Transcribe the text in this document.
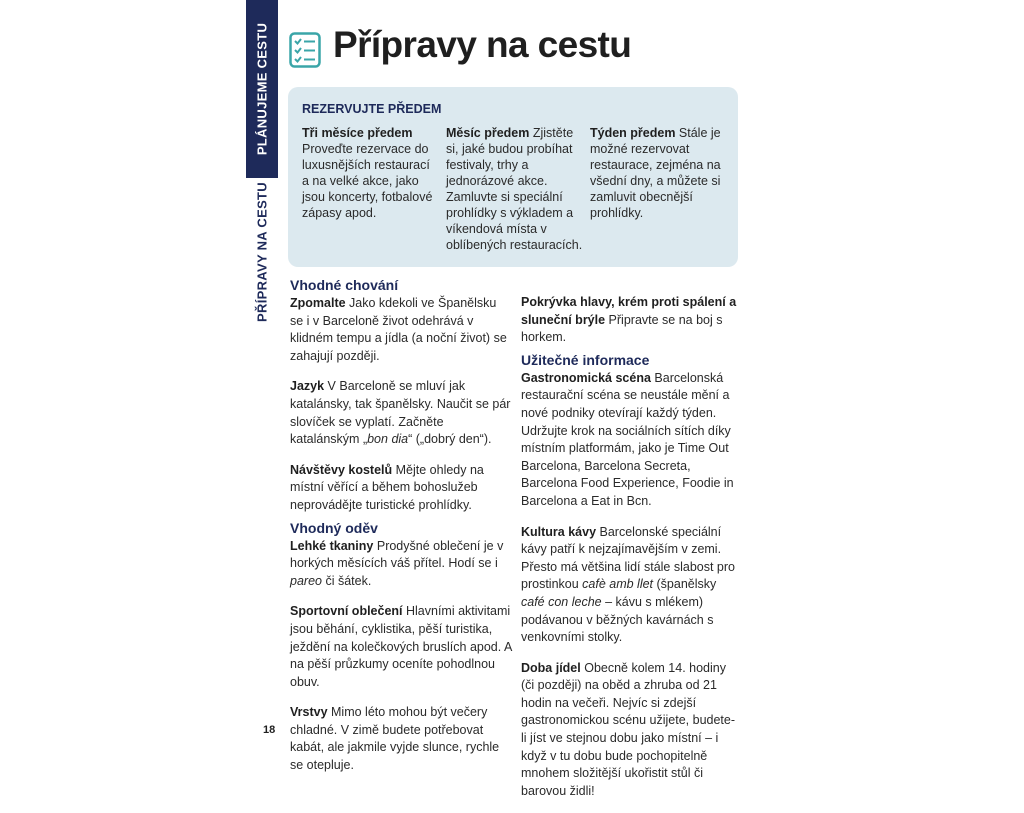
PLÁNUJEME CESTU
PŘÍPRAVY NA CESTU
18
Přípravy na cestu
REZERVUJTE PŘEDEM
Tři měsíce předem Proveďte rezervace do luxusnějších restaurací a na velké akce, jako jsou koncerty, fotbalové zápasy apod.
Měsíc předem Zjistěte si, jaké budou probíhat festivaly, trhy a jednorázové akce. Zamluvte si speciální prohlídky s výkladem a víkendová místa v oblíbených restauracích.
Týden předem Stále je možné rezervovat restaurace, zejména na všední dny, a můžete si zamluvit obecnější prohlídky.
Vhodné chování

Zpomalte Jako kdekoli ve Španělsku se i v Barceloně život odehrává v klidném tempu a jídla (a noční život) se zahajují později.

Jazyk V Barceloně se mluví jak katalánsky, tak španělsky. Naučit se pár slovíček se vyplatí. Začněte katalánským „bon dia“ („dobrý den“).

Návštěvy kostelů Mějte ohledy na místní věřící a během bohoslužeb neprovádějte turistické prohlídky.

Vhodný oděv

Lehké tkaniny Prodyšné oblečení je v horkých měsících váš přítel. Hodí se i pareo či šátek.

Sportovní oblečení Hlavními aktivitami jsou běhání, cyklistika, pěší turistika, ježdění na kolečkových bruslích apod. A na pěší průzkumy oceníte pohodlnou obuv.

Vrstvy Mimo léto mohou být večery chladné. V zimě budete potřebovat kabát, ale jakmile vyjde slunce, rychle se otepluje.

Pokrývka hlavy, krém proti spálení a sluneční brýle Připravte se na boj s horkem.

Užitečné informace

Gastronomická scéna Barcelonská restaurační scéna se neustále mění a nové podniky otevírají každý týden. Udržujte krok na sociálních sítích díky místním platformám, jako je Time Out Barcelona, Barcelona Secreta, Barcelona Food Experience, Foodie in Barcelona a Eat in Bcn.

Kultura kávy Barcelonské speciální kávy patří k nejzajímavějším v zemi. Přesto má většina lidí stále slabost pro prostinkou cafè amb llet (španělsky café con leche – kávu s mlékem) podávanou v běžných kavárnách s venkovními stolky.

Doba jídel Obecně kolem 14. hodiny (či později) na oběd a zhruba od 21 hodin na večeři. Nejvíc si zdejší gastronomickou scénu užijete, budete-li jíst ve stejnou dobu jako místní – i když v tu dobu bude pochopitelně mnohem složitější ukořistit stůl či barovou židli!
